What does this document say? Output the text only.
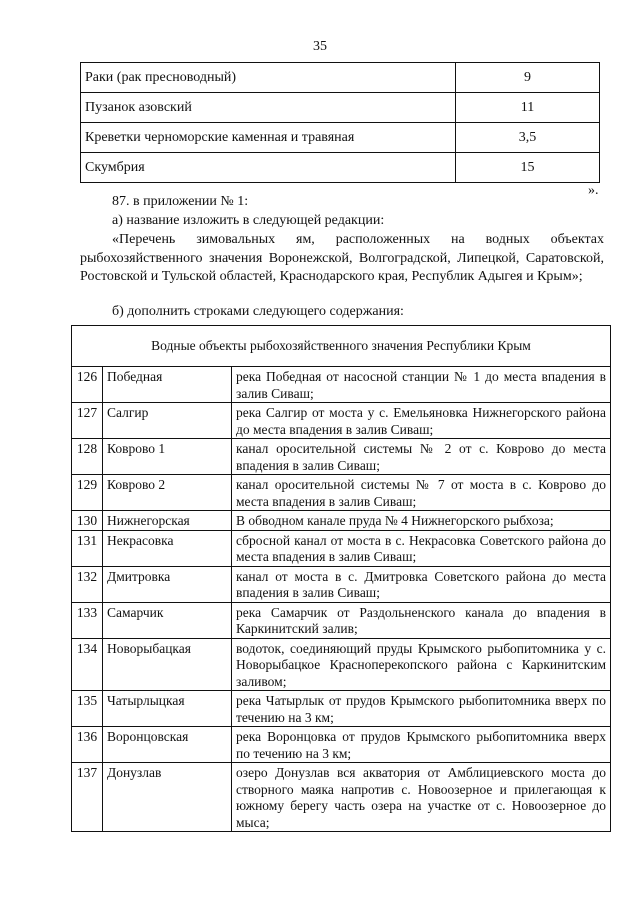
35
Раки (рак пресноводный)	9
Пузанок азовский	11
Креветки черноморские каменная и травяная	3,5
Скумбрия	15
».
87. в приложении № 1:
а) название изложить в следующей редакции:
«Перечень зимовальных ям, расположенных на водных объектах рыбохозяйственного значения Воронежской, Волгоградской, Липецкой, Саратовской, Ростовской и Тульской областей, Краснодарского края, Республик Адыгея и Крым»;
б) дополнить строками следующего содержания:
Водные объекты рыбохозяйственного значения Республики Крым		
126	Победная	река Победная от насосной станции № 1 до места впадения в залив Сиваш;
127	Салгир	река Салгир от моста у с. Емельяновка Нижнегорского района до места впадения в залив Сиваш;
128	Коврово 1	канал оросительной системы № 2 от с. Коврово до места впадения в залив Сиваш;
129	Коврово 2	канал оросительной системы № 7 от моста в с. Коврово до места впадения в залив Сиваш;
130	Нижнегорская	В обводном канале пруда № 4 Нижнегорского рыбхоза;
131	Некрасовка	сбросной канал от моста в с. Некрасовка Советского района до места впадения в залив Сиваш;
132	Дмитровка	канал от моста в с. Дмитровка Советского района до места впадения в залив Сиваш;
133	Самарчик	река Самарчик от Раздольненского канала до впадения в Каркинитский залив;
134	Новорыбацкая	водоток, соединяющий пруды Крымского рыбопитомника у с. Новорыбацкое Красноперекопского района с Каркинитским заливом;
135	Чатырлыцкая	река Чатырлык от прудов Крымского рыбопитомника вверх по течению на 3 км;
136	Воронцовская	река Воронцовка от прудов Крымского рыбопитомника вверх по течению на 3 км;
137	Донузлав	озеро Донузлав вся акватория от Амблициевского моста до створного маяка напротив с. Новоозерное и прилегающая к южному берегу часть озера на участке от с. Новоозерное до мыса;
